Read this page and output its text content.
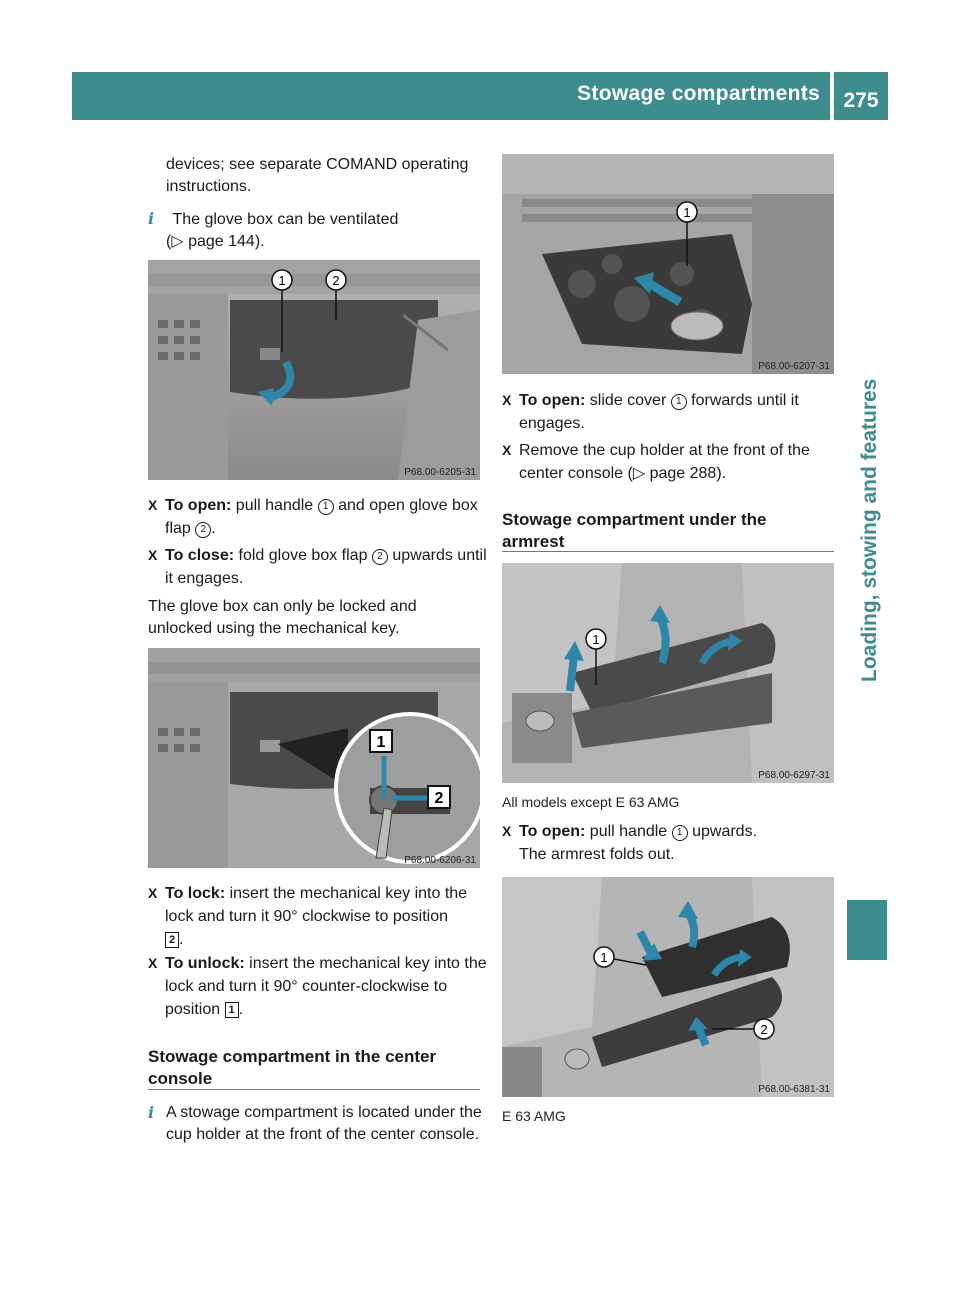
Stowage compartments	275
Loading, stowing and features
devices; see separate COMAND operating instructions.
i The glove box can be ventilated
(▷ page 144).
1	2
P68.00-6205-31
X To open: pull handle 1 and open glove box flap 2 .
X To close: fold glove box flap 2 upwards until it engages.
The glove box can only be locked and unlocked using the mechanical key.
1
2
P68.00-6206-31
X To lock: insert the mechanical key into the lock and turn it 90° clockwise to position
2 .
X To unlock: insert the mechanical key into the lock and turn it 90° counter-clockwise to position 1 .
Stowage compartment in the center console
i A stowage compartment is located under the cup holder at the front of the center console.
1
P68.00-6207-31
X To open: slide cover 1 forwards until it engages.
X Remove the cup holder at the front of the center console (▷ page 288).
Stowage compartment under the armrest
1
P68.00-6297-31
All models except E 63 AMG
X To open: pull handle 1 upwards.
The armrest folds out.
1
2
P68.00-6381-31
E 63 AMG
